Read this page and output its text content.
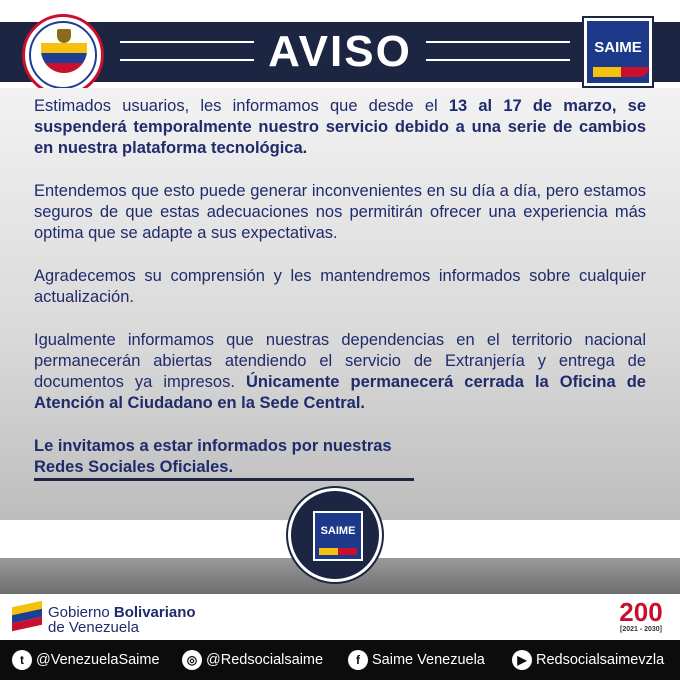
AVISO	SAIME

Estimados usuarios, les informamos que desde el 13 al 17 de marzo, se suspenderá temporalmente nuestro servicio debido a una serie de cambios en nuestra plataforma tecnológica.

Entendemos que esto puede generar inconvenientes en su día a día, pero estamos seguros de que estas adecuaciones nos permitirán ofrecer una experiencia más optima que se adapte a sus expectativas.

Agradecemos su comprensión y les mantendremos informados sobre cualquier actualización.

Igualmente informamos que nuestras dependencias en el territorio nacional permanecerán abiertas atendiendo el servicio de Extranjería y entrega de documentos ya impresos. Únicamente permanecerá cerrada la Oficina de Atención al Ciudadano en la Sede Central.

Le invitamos a estar informados por nuestras
Redes Sociales Oficiales.

SAIME
Gobierno Bolivariano
de Venezuela
200
[2021 - 2030]
t @VenezuelaSaime	◎ @Redsocialsaime	f Saime Venezuela	▶ Redsocialsaimevzla
